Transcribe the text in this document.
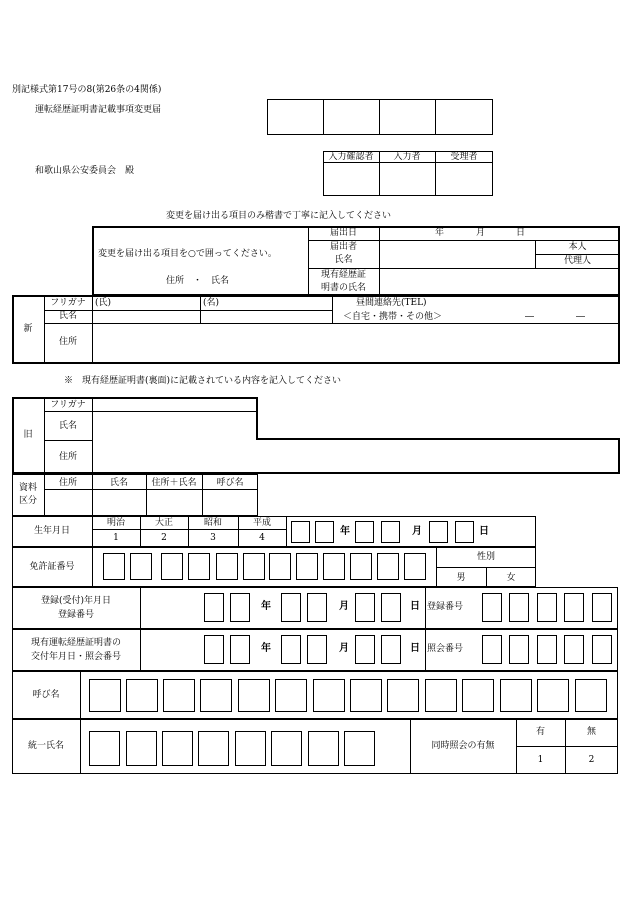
別記様式第17号の8(第26条の4関係)
運転経歴証明書記載事項変更届
和歌山県公安委員会　殿
入力確認者	入力者	受理者
変更を届け出る項目のみ楷書で丁寧に記入してください
変更を届け出る項目を○で囲ってください。
住所　・　氏名
届出日	年	月	日
届出者
氏名
本人
代理人
現有経歴証
明書の氏名
新
フリガナ	(氏)	(名)
氏名
昼間連絡先(TEL)
＜自宅・携帯・その他＞	―	―
住所
※　現有経歴証明書(裏面)に記載されている内容を記入してください
旧
フリガナ
氏名
住所
資料
区分
住所	氏名	住所＋氏名	呼び名
生年月日
明治	大正	昭和	平成
1	2	3	4
年	月	日
免許証番号
性別
男	女
登録(受付)年月日
登録番号
年	月	日 登録番号
現有運転経歴証明書の
交付年月日・照会番号
年	月	日 照会番号
呼び名
統一氏名	同時照会の有無
有	無
1	2
